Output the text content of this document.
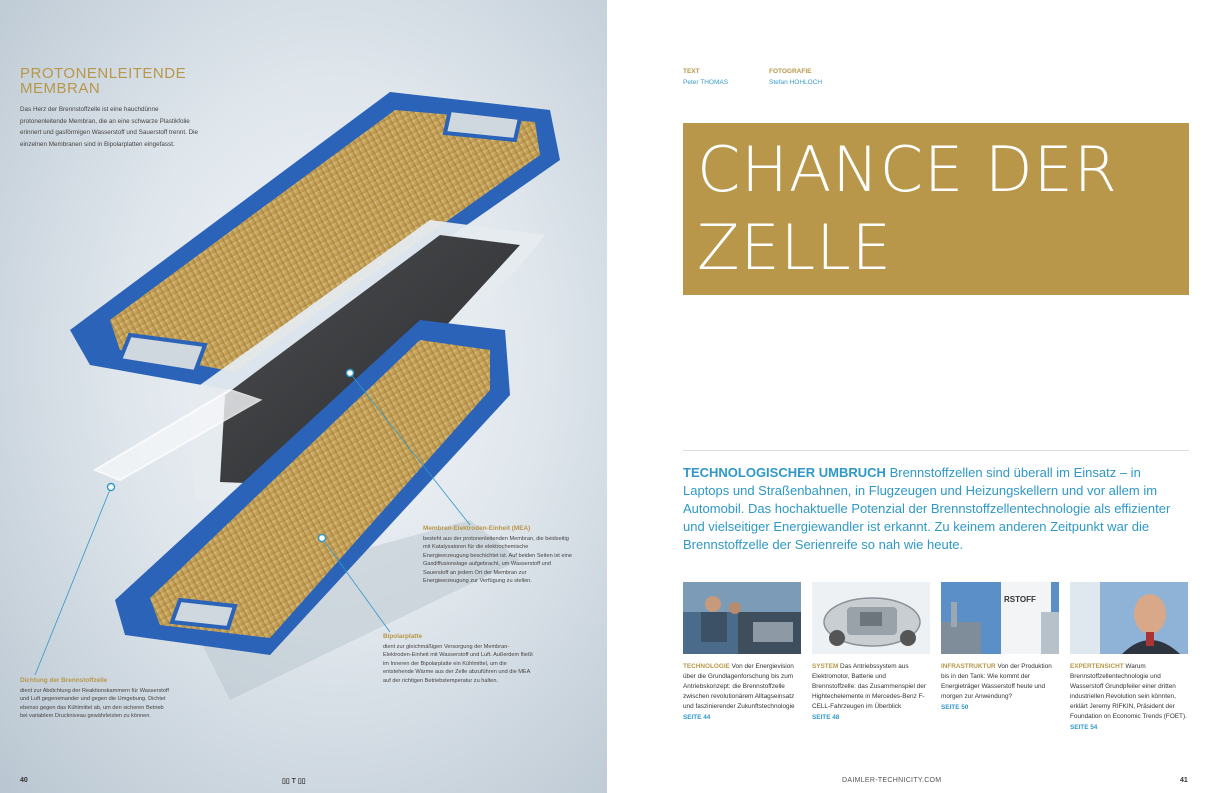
PROTONENLEITENDE MEMBRAN
Das Herz der Brennstoffzelle ist eine hauchdünne protonenleitende Membran, die an eine schwarze Plastikfolie erinnert und gasförmigen Wasserstoff und Sauerstoff trennt. Die einzelnen Membranen sind in Bipolarplatten eingefasst.
Membran-Elektroden-Einheit (MEA)
besteht aus der protonenleitenden Membran, die beidseitig mit Katalysatoren für die elektrochemische Energieerzeugung beschichtet ist. Auf beiden Seiten ist eine Gasdiffusionslage aufgebracht, um Wasserstoff und Sauerstoff an jedem Ort der Membran zur Energieerzeugung zur Verfügung zu stellen.
Bipolarplatte
dient zur gleichmäßigen Versorgung der Membran-Elektroden-Einheit mit Wasserstoff und Luft. Außerdem fließt im Inneren der Bipolarplatte ein Kühlmittel, um die entstehende Wärme aus der Zelle abzuführen und die MEA auf der richtigen Betriebstemperatur zu halten.
Dichtung der Brennstoffzelle
dient zur Abdichtung der Reaktionskammern für Wasserstoff und Luft gegeneinander und gegen die Umgebung. Dichtet ebenso gegen das Kühlmittel ab, um den sicheren Betrieb bei variablem Druckniveau gewährleisten zu können.
40	▯▯ T ▯▯
TEXT
Peter THOMAS
FOTOGRAFIE
Stefan HOHLOCH
CHANCE DER
ZELLE

TECHNOLOGISCHER UMBRUCH Brennstoffzellen sind überall im Einsatz – in Laptops und Straßenbahnen, in Flugzeugen und Heizungskellern und vor allem im Automobil. Das hochaktuelle Potenzial der Brennstoffzellentechnologie als effizienter und vielseitiger Energiewandler ist erkannt. Zu keinem anderen Zeitpunkt war die Brennstoffzelle der Serienreife so nah wie heute.

TECHNOLOGIE Von der Energievision über die Grundlagenforschung bis zum Antriebskonzept: die Brennstoffzelle zwischen revolutionärem Alltagseinsatz und faszinierender Zukunftstechnologie
SEITE 44
SYSTEM Das Antriebssystem aus Elektromotor, Batterie und Brennstoffzelle: das Zusammenspiel der Hightechelemente in Mercedes-Benz F-CELL-Fahrzeugen im Überblick
SEITE 48
RSTOFF
INFRASTRUKTUR Von der Produktion bis in den Tank: Wie kommt der Energieträger Wasserstoff heute und morgen zur Anwendung?
SEITE 50
EXPERTENSICHT Warum Brennstoffzellentechnologie und Wasserstoff Grundpfeiler einer dritten industriellen Revolution sein könnten, erklärt Jeremy RIFKIN, Präsident der Foundation on Economic Trends (FOET).
SEITE 54
DAIMLER-TECHNICITY.COM	41
